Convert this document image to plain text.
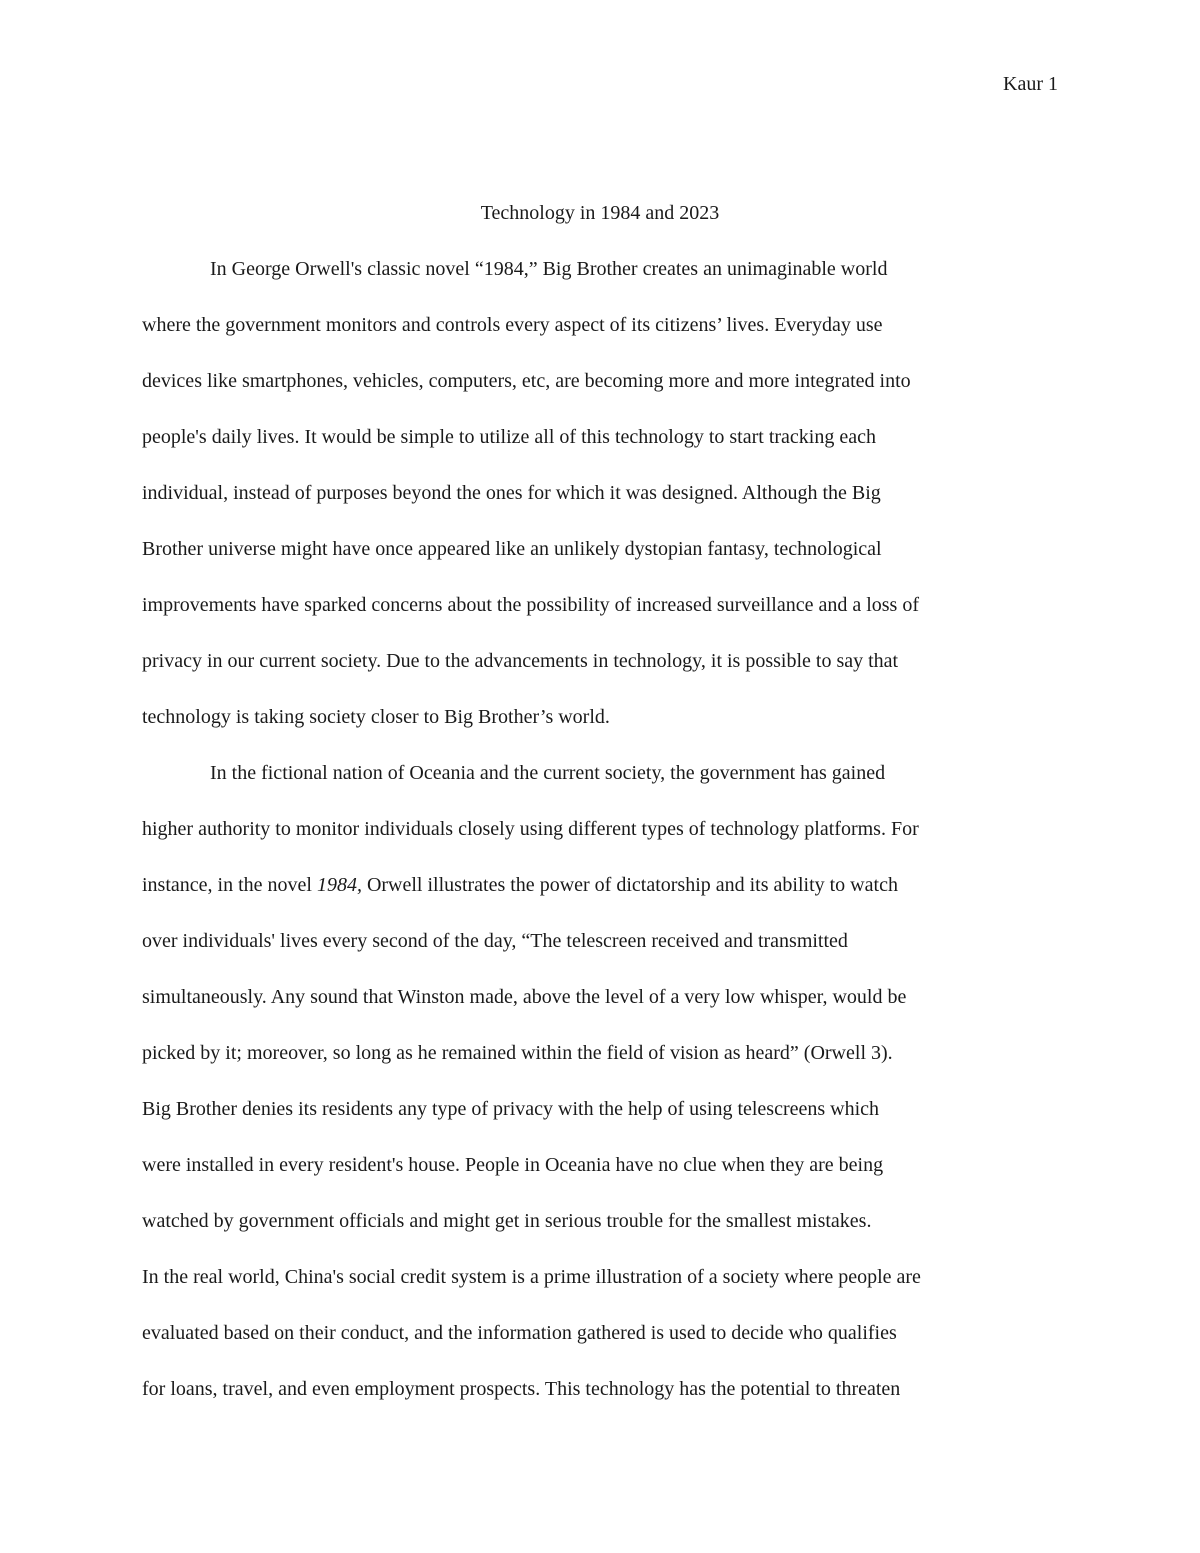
Kaur 1
Technology in 1984 and 2023
In George Orwell's classic novel “1984,” Big Brother creates an unimaginable world
where the government monitors and controls every aspect of its citizens’ lives. Everyday use
devices like smartphones, vehicles, computers, etc, are becoming more and more integrated into
people's daily lives. It would be simple to utilize all of this technology to start tracking each
individual, instead of purposes beyond the ones for which it was designed. Although the Big
Brother universe might have once appeared like an unlikely dystopian fantasy, technological
improvements have sparked concerns about the possibility of increased surveillance and a loss of
privacy in our current society. Due to the advancements in technology, it is possible to say that
technology is taking society closer to Big Brother’s world.
In the fictional nation of Oceania and the current society, the government has gained
higher authority to monitor individuals closely using different types of technology platforms. For
instance, in the novel 1984, Orwell illustrates the power of dictatorship and its ability to watch
over individuals' lives every second of the day, “The telescreen received and transmitted
simultaneously. Any sound that Winston made, above the level of a very low whisper, would be
picked by it; moreover, so long as he remained within the field of vision as heard” (Orwell 3).
Big Brother denies its residents any type of privacy with the help of using telescreens which
were installed in every resident's house. People in Oceania have no clue when they are being
watched by government officials and might get in serious trouble for the smallest mistakes.
In the real world, China's social credit system is a prime illustration of a society where people are
evaluated based on their conduct, and the information gathered is used to decide who qualifies
for loans, travel, and even employment prospects. This technology has the potential to threaten
